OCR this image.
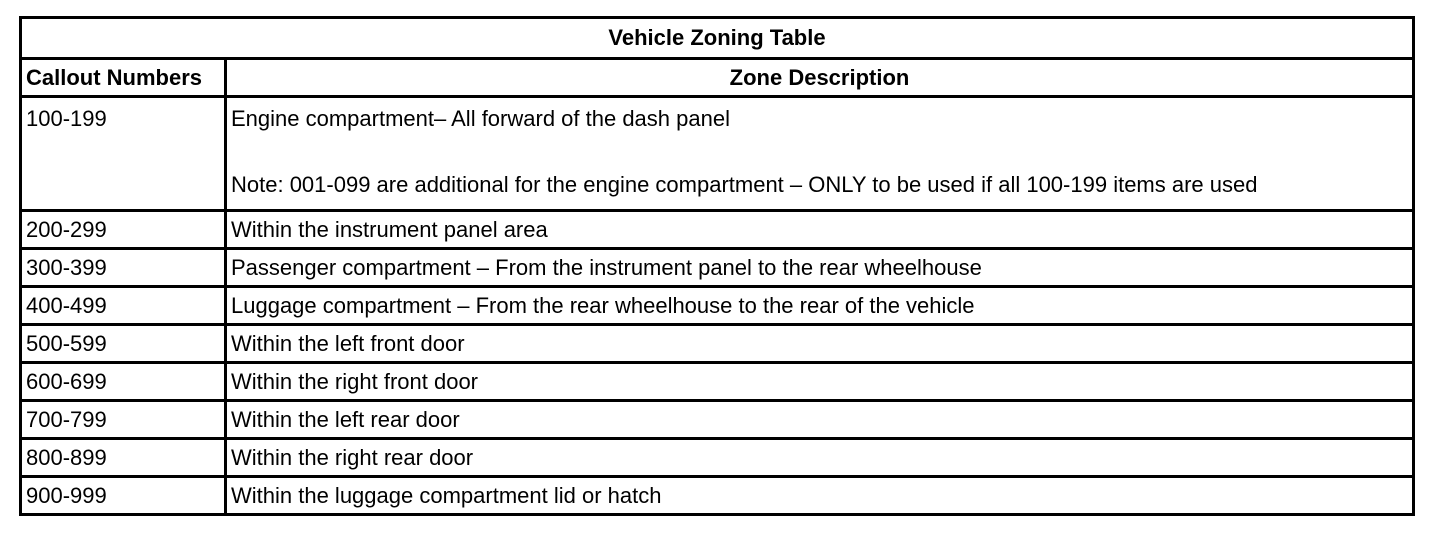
Vehicle Zoning Table	
Callout Numbers	Zone Description
100-199	Engine compartment– All forward of the dash panel
Note: 001-099 are additional for the engine compartment – ONLY to be used if all 100-199 items are used

200-299	Within the instrument panel area
300-399	Passenger compartment – From the instrument panel to the rear wheelhouse
400-499	Luggage compartment – From the rear wheelhouse to the rear of the vehicle
500-599	Within the left front door
600-699	Within the right front door
700-799	Within the left rear door
800-899	Within the right rear door
900-999	Within the luggage compartment lid or hatch
